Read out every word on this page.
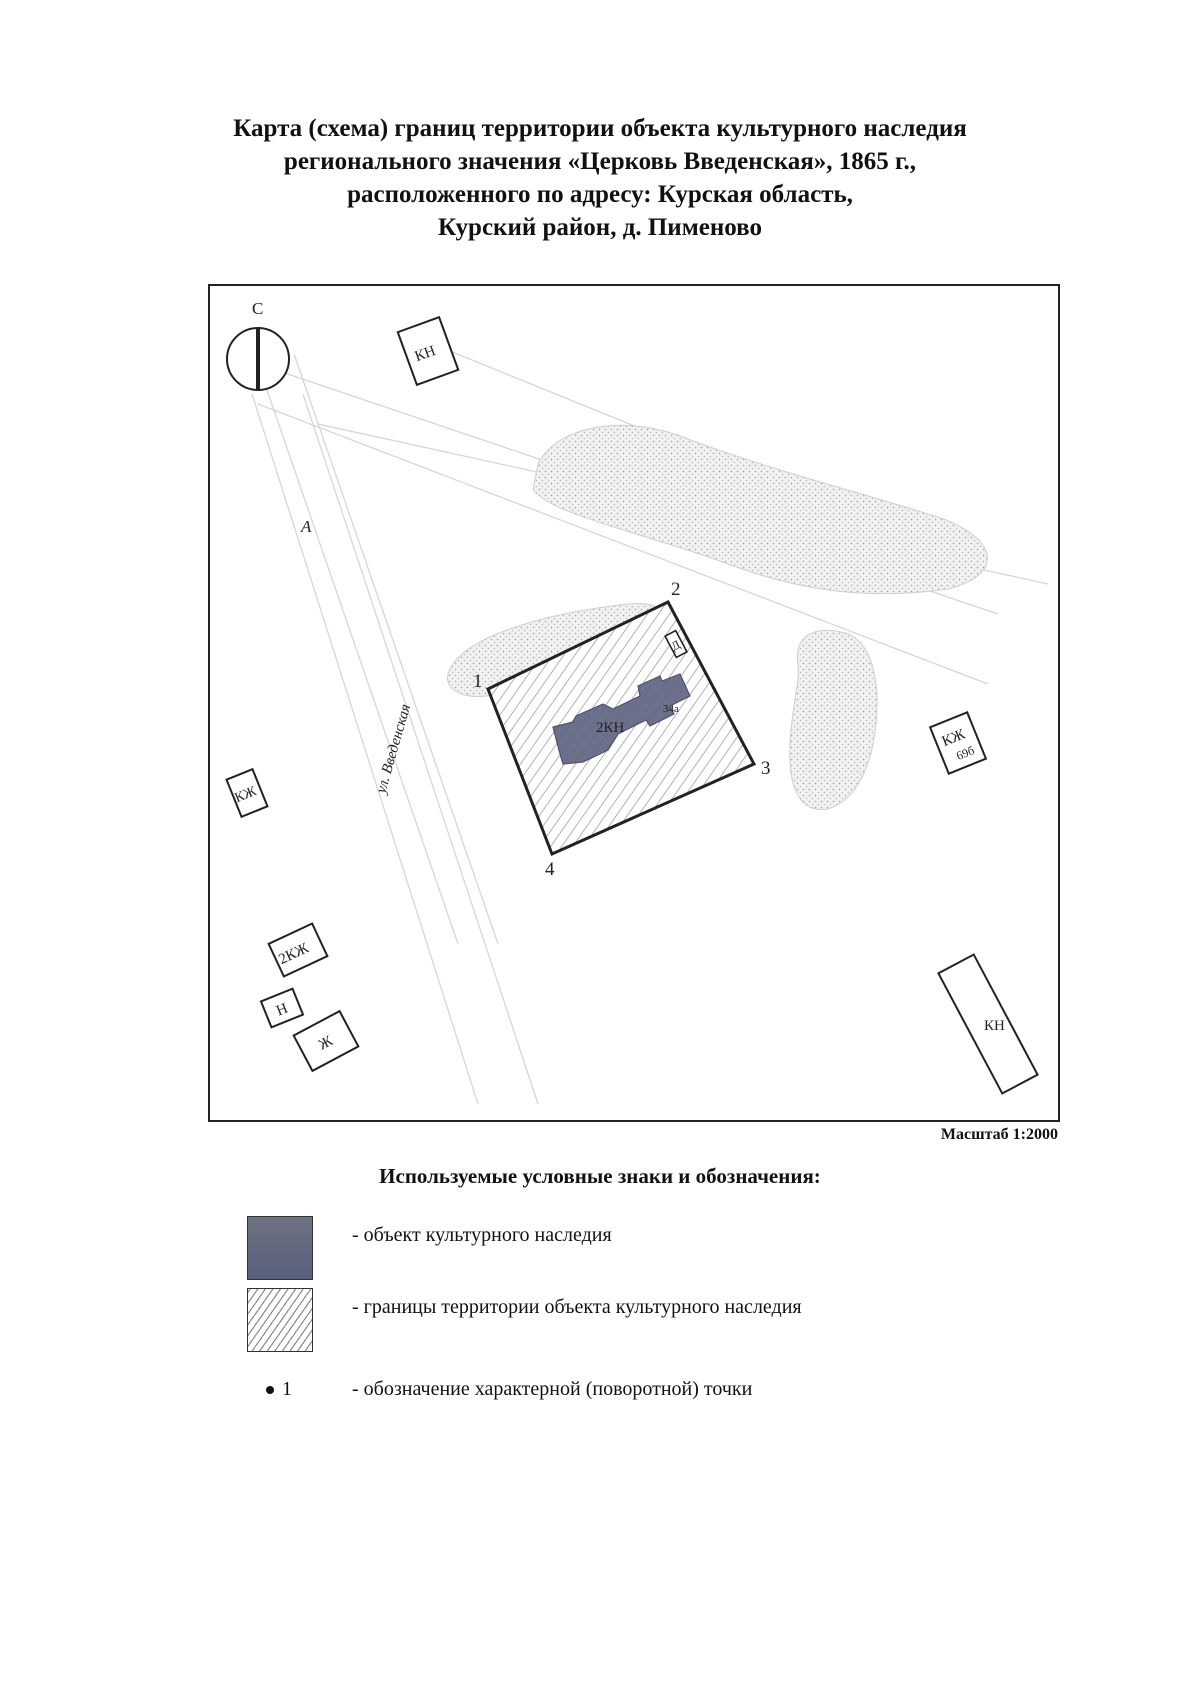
Карта (схема) границ территории объекта культурного наследия
регионального значения «Церковь Введенская», 1865 г.,
расположенного по адресу: Курская область,
Курский район, д. Пименово
2КН
34а
Д
1
2
3
4
С
А
ул. Введенская
КН
КЖ
69б
КЖ
2КЖ
Н
Ж
КН
Масштаб 1:2000
Используемые условные знаки и обозначения:
- объект культурного наследия
- границы территории объекта культурного наследия
1	- обозначение характерной (поворотной) точки
